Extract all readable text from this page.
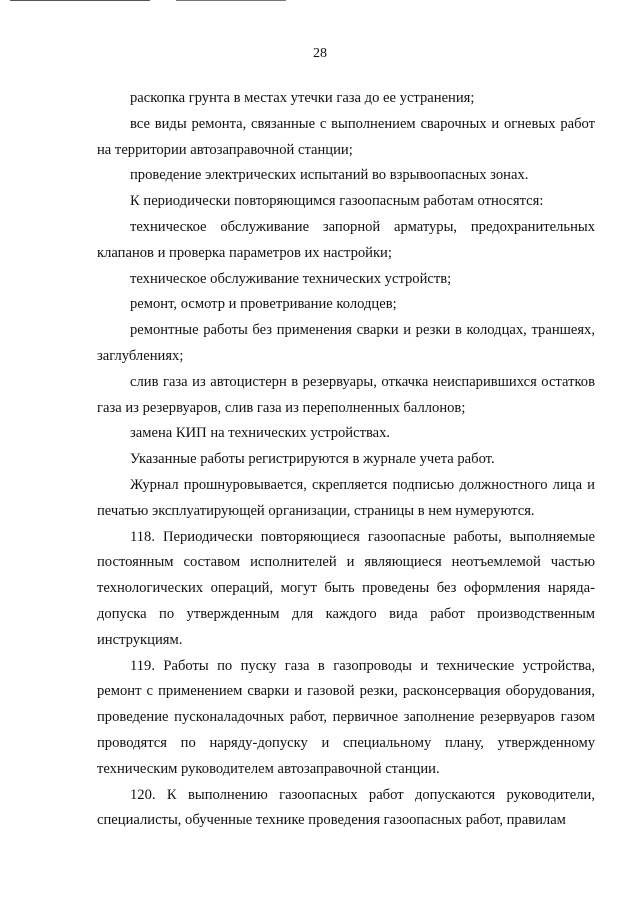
28

раскопка грунта в местах утечки газа до ее устранения;

все виды ремонта, связанные с выполнением сварочных и огневых работ на территории автозаправочной станции;

проведение электрических испытаний во взрывоопасных зонах.

К периодически повторяющимся газоопасным работам относятся:

техническое обслуживание запорной арматуры, предохранительных клапанов и проверка параметров их настройки;

техническое обслуживание технических устройств;

ремонт, осмотр и проветривание колодцев;

ремонтные работы без применения сварки и резки в колодцах, траншеях, заглублениях;

слив газа из автоцистерн в резервуары, откачка неиспарившихся остатков газа из резервуаров, слив газа из переполненных баллонов;

замена КИП на технических устройствах.

Указанные работы регистрируются в журнале учета работ.

Журнал прошнуровывается, скрепляется подписью должностного лица и печатью эксплуатирующей организации, страницы в нем нумеруются.

118. Периодически повторяющиеся газоопасные работы, выполняемые постоянным составом исполнителей и являющиеся неотъемлемой частью технологических операций, могут быть проведены без оформления наряда-допуска по утвержденным для каждого вида работ производственным инструкциям.

119. Работы по пуску газа в газопроводы и технические устройства, ремонт с применением сварки и газовой резки, расконсервация оборудования, проведение пусконаладочных работ, первичное заполнение резервуаров газом проводятся по наряду-допуску и специальному плану, утвержденному техническим руководителем автозаправочной станции.

120. К выполнению газоопасных работ допускаются руководители, специалисты, обученные технике проведения газоопасных работ, правилам
